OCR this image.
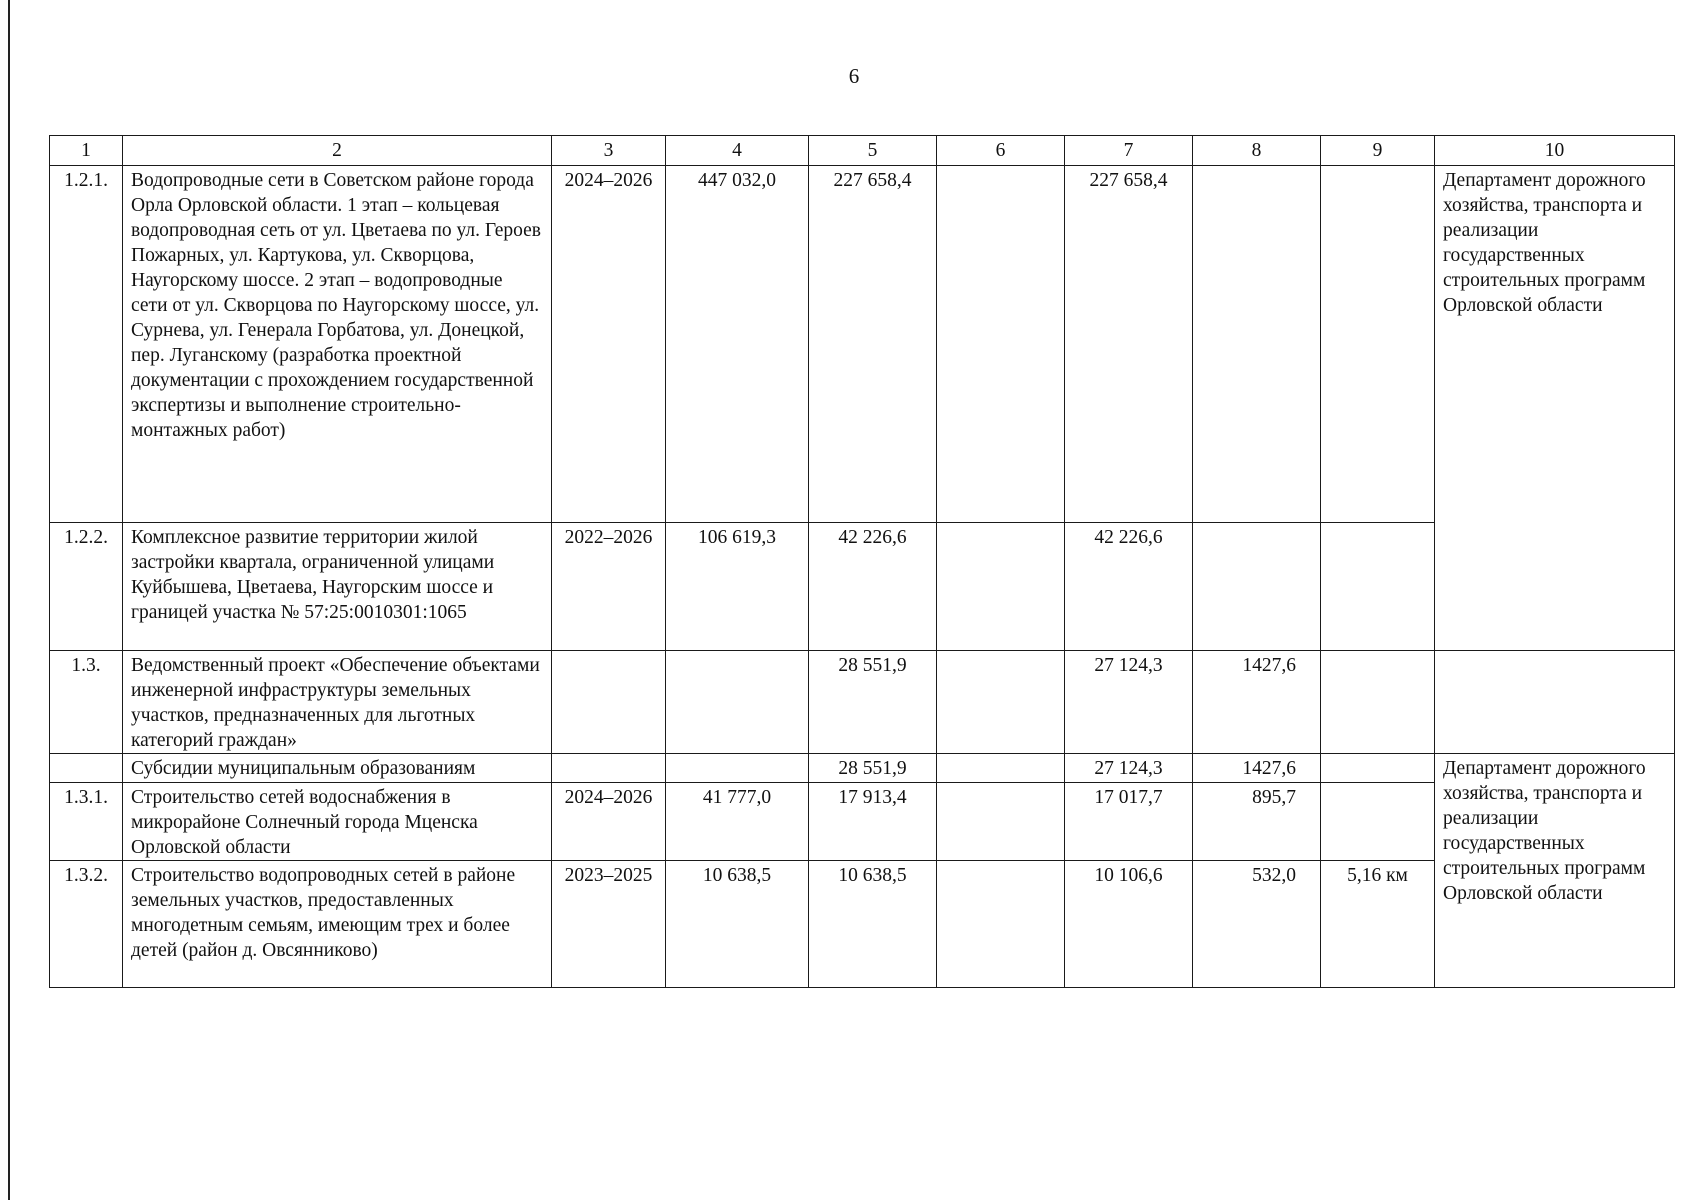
6
1	2	3	4	5	6	7	8	9	10
1.2.1.	Водопроводные сети в Советском районе города Орла Орловской области. 1 этап – кольцевая водопроводная сеть от ул. Цветаева по ул. Героев Пожарных, ул. Картукова, ул. Скворцова, Наугорскому шоссе. 2 этап – водопроводные сети от ул. Скворцова по Наугорскому шоссе, ул. Сурнева, ул. Генерала Горбатова, ул. Донецкой, пер. Луганскому (разработка проектной документации с прохождением государственной экспертизы и выполнение строительно-монтажных работ)	2024–2026	447 032,0	227 658,4		227 658,4			Департамент дорожного хозяйства, транспорта и реализации государственных строительных программ Орловской области
1.2.2.	Комплексное развитие территории жилой застройки квартала, ограниченной улицами Куйбышева, Цветаева, Наугорским шоссе и границей участка № 57:25:0010301:1065	2022–2026	106 619,3	42 226,6		42 226,6			
1.3.	Ведомственный проект «Обеспечение объектами инженерной инфраструктуры земельных участков, предназначенных для льготных категорий граждан»			28 551,9		27 124,3	1427,6		
	Субсидии муниципальным образованиям			28 551,9		27 124,3	1427,6		Департамент дорожного хозяйства, транспорта и реализации государственных строительных программ Орловской области
1.3.1.	Строительство сетей водоснабжения в микрорайоне Солнечный города Мценска Орловской области	2024–2026	41 777,0	17 913,4		17 017,7	895,7		
1.3.2.	Строительство водопроводных сетей в районе земельных участков, предоставленных многодетным семьям, имеющим трех и более детей (район д. Овсянниково)	2023–2025	10 638,5	10 638,5		10 106,6	532,0	5,16 км	
